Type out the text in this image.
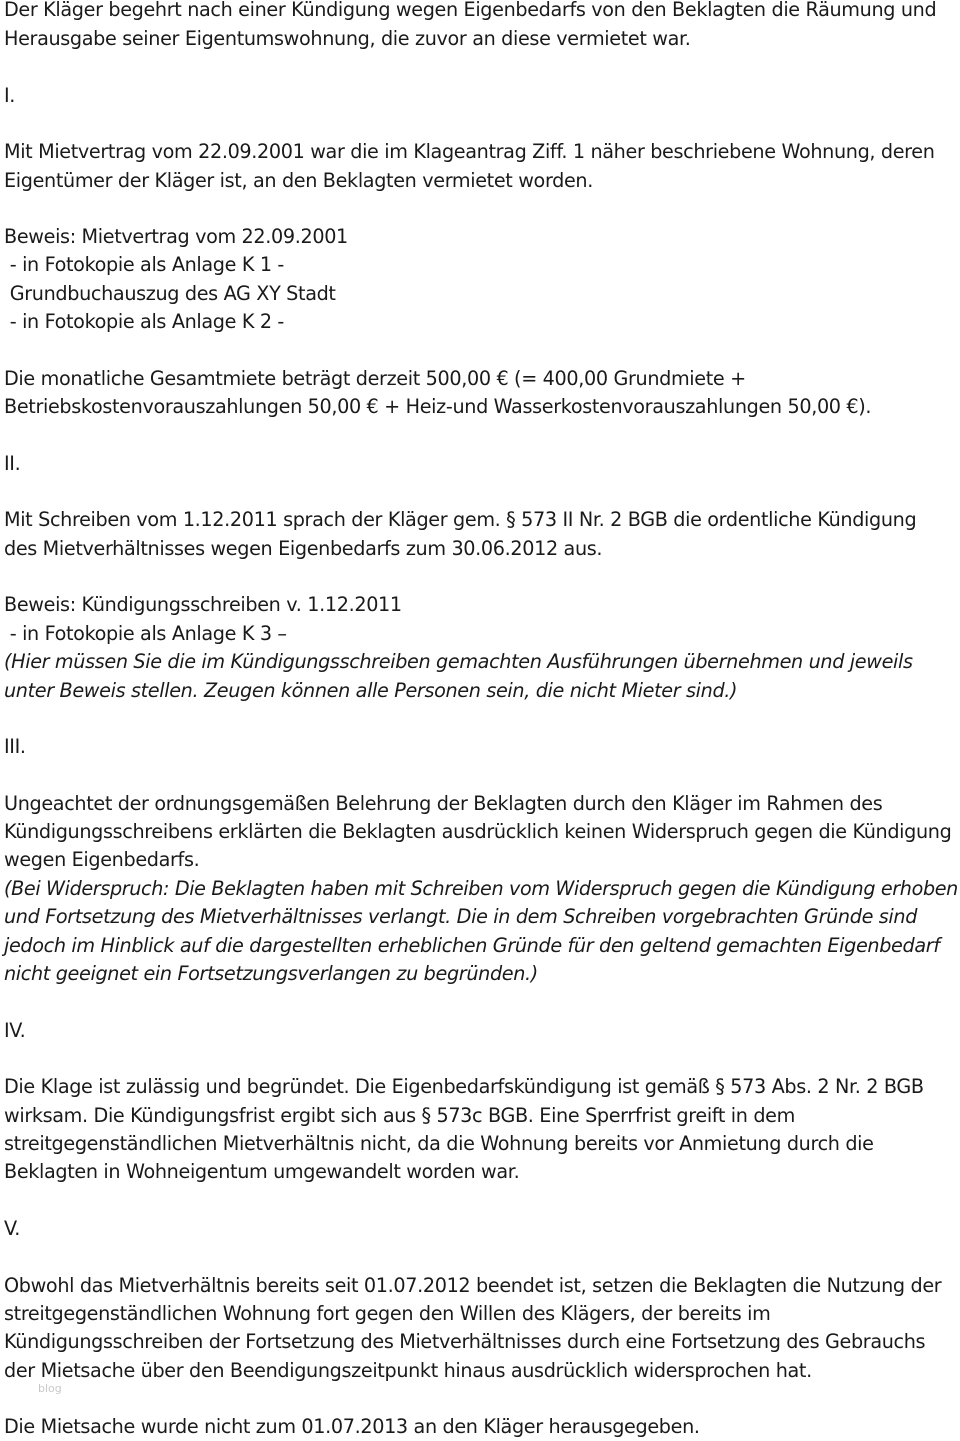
Der Kläger begehrt nach einer Kündigung wegen Eigenbedarfs von den Beklagten die Räumung und
Herausgabe seiner Eigentumswohnung, die zuvor an diese vermietet war.
I.
Mit Mietvertrag vom 22.09.2001 war die im Klageantrag Ziff. 1 näher beschriebene Wohnung, deren
Eigentümer der Kläger ist, an den Beklagten vermietet worden.
Beweis: Mietvertrag vom 22.09.2001
- in Fotokopie als Anlage K 1 -
Grundbuchauszug des AG XY Stadt
- in Fotokopie als Anlage K 2 -
Die monatliche Gesamtmiete beträgt derzeit 500,00 € (= 400,00 Grundmiete +
Betriebskostenvorauszahlungen 50,00 € + Heiz-und Wasserkostenvorauszahlungen 50,00 €).
II.
Mit Schreiben vom 1.12.2011 sprach der Kläger gem. § 573 II Nr. 2 BGB die ordentliche Kündigung
des Mietverhältnisses wegen Eigenbedarfs zum 30.06.2012 aus.
Beweis: Kündigungsschreiben v. 1.12.2011
- in Fotokopie als Anlage K 3 –
(Hier müssen Sie die im Kündigungsschreiben gemachten Ausführungen übernehmen und jeweils
unter Beweis stellen. Zeugen können alle Personen sein, die nicht Mieter sind.)
III.
Ungeachtet der ordnungsgemäßen Belehrung der Beklagten durch den Kläger im Rahmen des
Kündigungsschreibens erklärten die Beklagten ausdrücklich keinen Widerspruch gegen die Kündigung
wegen Eigenbedarfs.
(Bei Widerspruch: Die Beklagten haben mit Schreiben vom Widerspruch gegen die Kündigung erhoben
und Fortsetzung des Mietverhältnisses verlangt. Die in dem Schreiben vorgebrachten Gründe sind
jedoch im Hinblick auf die dargestellten erheblichen Gründe für den geltend gemachten Eigenbedarf
nicht geeignet ein Fortsetzungsverlangen zu begründen.)
IV.
Die Klage ist zulässig und begründet. Die Eigenbedarfskündigung ist gemäß § 573 Abs. 2 Nr. 2 BGB
wirksam. Die Kündigungsfrist ergibt sich aus § 573c BGB. Eine Sperrfrist greift in dem
streitgegenständlichen Mietverhältnis nicht, da die Wohnung bereits vor Anmietung durch die
Beklagten in Wohneigentum umgewandelt worden war.
V.
Obwohl das Mietverhältnis bereits seit 01.07.2012 beendet ist, setzen die Beklagten die Nutzung der
streitgegenständlichen Wohnung fort gegen den Willen des Klägers, der bereits im
Kündigungsschreiben der Fortsetzung des Mietverhältnisses durch eine Fortsetzung des Gebrauchs
der Mietsache über den Beendigungszeitpunkt hinaus ausdrücklich widersprochen hat.
Die Mietsache wurde nicht zum 01.07.2013 an den Kläger herausgegeben.
blog
